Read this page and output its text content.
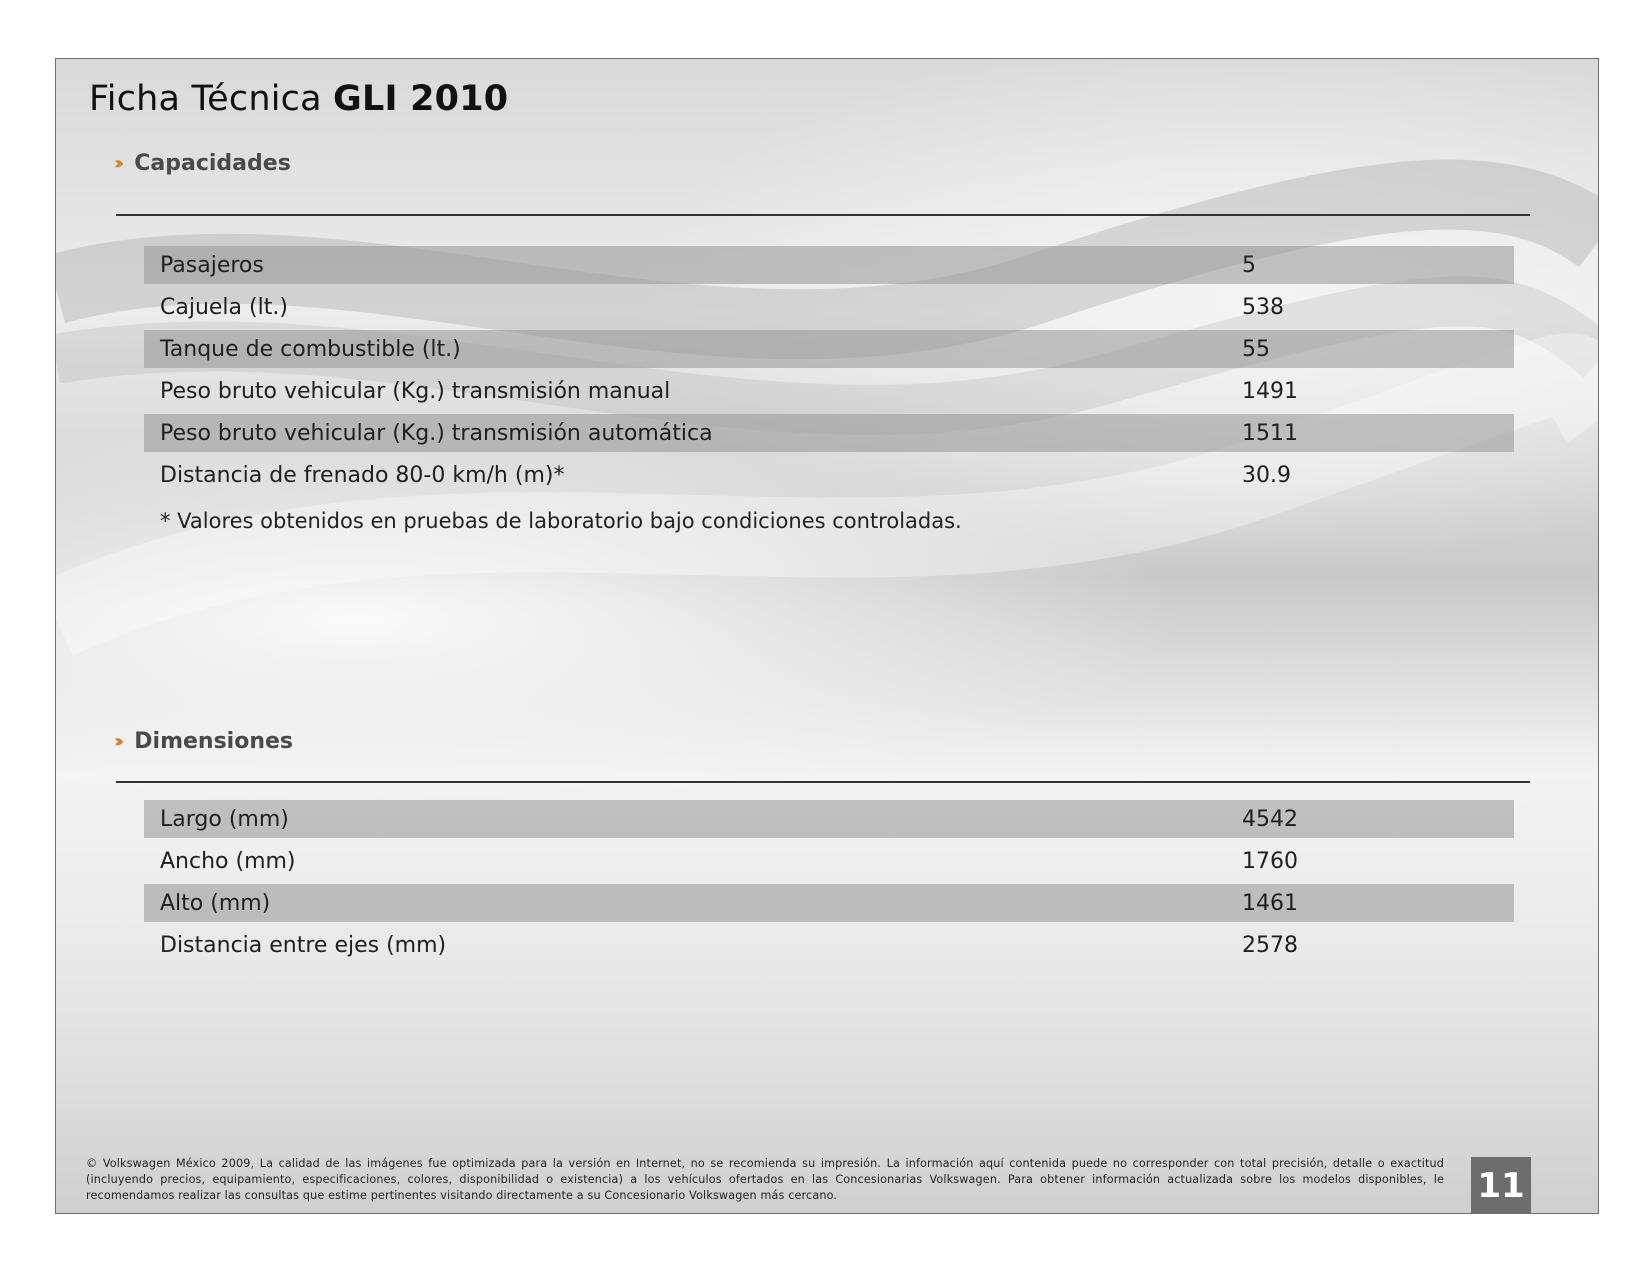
Ficha Técnica GLI 2010
››› Capacidades
Pasajeros	5
Cajuela (lt.)	538
Tanque de combustible (lt.)	55
Peso bruto vehicular (Kg.) transmisión manual	1491
Peso bruto vehicular (Kg.) transmisión automática	1511
Distancia de frenado 80-0 km/h (m)*	30.9
* Valores obtenidos en pruebas de laboratorio bajo condiciones controladas.
››› Dimensiones
Largo (mm)	4542
Ancho (mm)	1760
Alto (mm)	1461
Distancia entre ejes (mm)	2578
© Volkswagen México 2009, La calidad de las imágenes fue optimizada para la versión en Internet, no se recomienda su impresión. La información aquí contenida puede no corresponder con total precisión, detalle o exactitud (incluyendo precios, equipamiento, especificaciones, colores, disponibilidad o existencia) a los vehículos ofertados en las Concesionarias Volkswagen. Para obtener información actualizada sobre los modelos disponibles, le recomendamos realizar las consultas que estime pertinentes visitando directamente a su Concesionario Volkswagen más cercano.	11
